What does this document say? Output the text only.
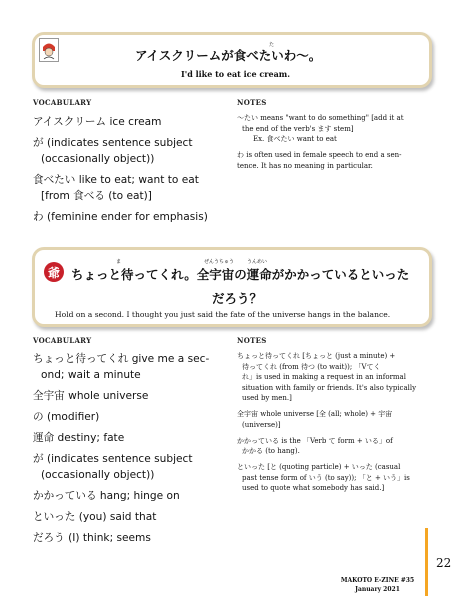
た
アイスクリームが食べたいわ〜。
I'd like to eat ice cream.
VOCABULARY	NOTES
アイスクリーム ice cream
が (indicates sentence subject
(occasionally object))
食べたい like to eat; want to eat
[from 食べる (to eat)]
わ (feminine ender for emphasis)
〜たい means "want to do something" [add it at
the end of the verb's ます stem]
Ex. 食べたい want to eat
わ is often used in female speech to end a sen-
tence. It has no meaning in particular.
爺
ま	ぜんうちゅう	うんめい
ちょっと待ってくれ。全宇宙の運命がかかっているといった
だろう？
Hold on a second. I thought you just said the fate of the universe hangs in the balance.
VOCABULARY	NOTES
ちょっと待ってくれ give me a sec-
ond; wait a minute
全宇宙 whole universe
の (modifier)
運命 destiny; fate
が (indicates sentence subject
(occasionally object))
かかっている hang; hinge on
といった (you) said that
だろう (I) think; seems
ちょっと待ってくれ [ちょっと (just a minute) +
待ってくれ (from 待つ (to wait)); 「Vてく
れ」is used in making a request in an informal
situation with family or friends. It's also typically
used by men.]
全宇宙 whole universe [全 (all; whole) + 宇宙
(universe)]
かかっている is the 「Verb て form + いる」of
かかる (to hang).
といった [と (quoting particle) + いった (casual
past tense form of いう (to say)); 「と + いう」is
used to quote what somebody has said.]
22
MAKOTO E-ZINE #35
January 2021
